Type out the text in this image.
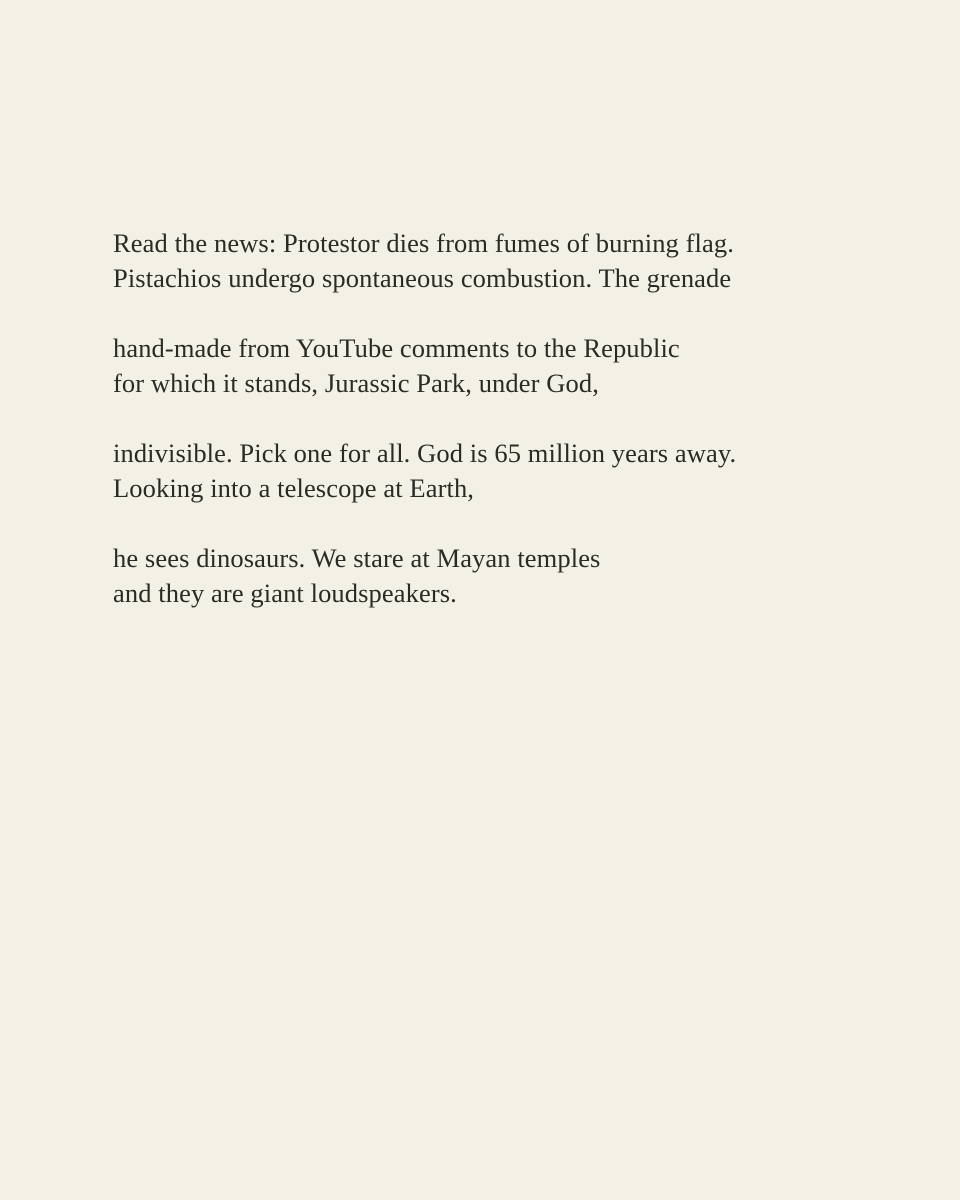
Read the news: Protestor dies from fumes of burning flag.
Pistachios undergo spontaneous combustion. The grenade
hand-made from YouTube comments to the Republic
for which it stands, Jurassic Park, under God,
indivisible. Pick one for all. God is 65 million years away.
Looking into a telescope at Earth,
he sees dinosaurs. We stare at Mayan temples
and they are giant loudspeakers.
